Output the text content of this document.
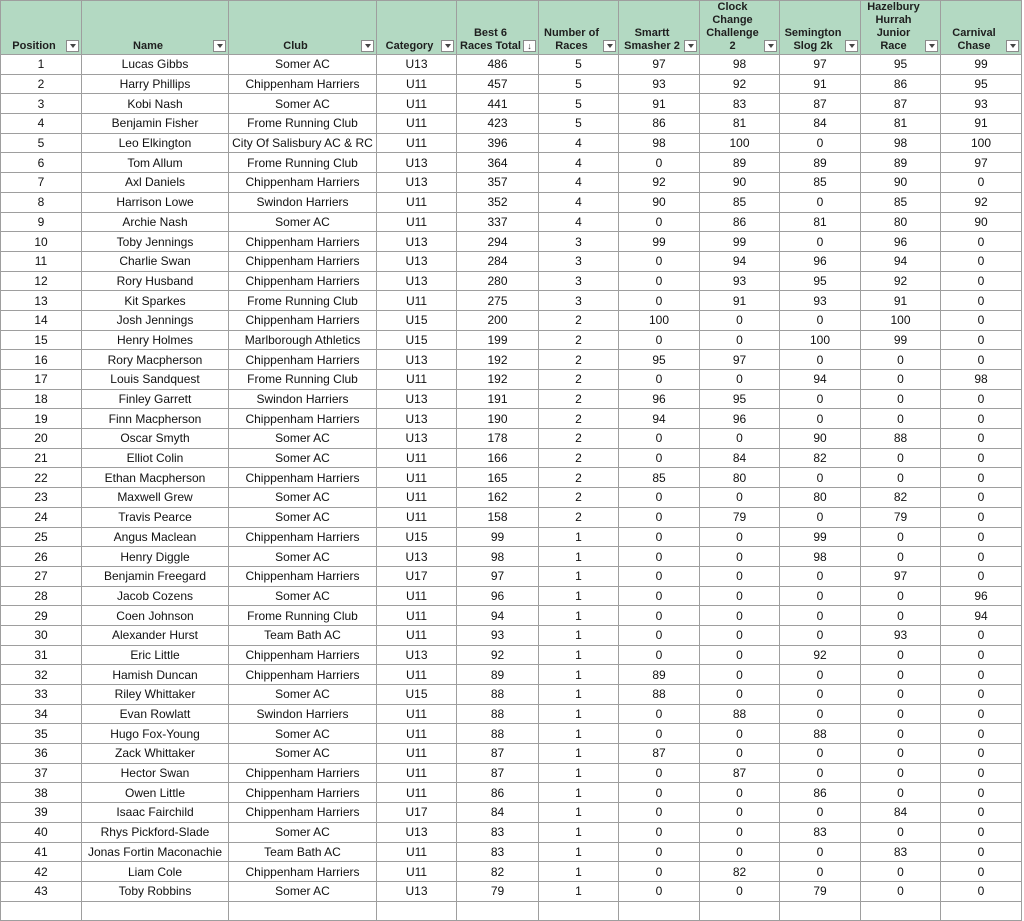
Position	Name	Club	Category	Best 6 Races Total ↓	Number of Races	Smartt Smasher 2	Clock Change Challenge 2	Semington Slog 2k	Hazelbury Hurrah Junior Race	Carnival Chase

1	Lucas Gibbs	Somer AC	U13	486	5	97	98	97	95	99
2	Harry Phillips	Chippenham Harriers	U11	457	5	93	92	91	86	95
3	Kobi Nash	Somer AC	U11	441	5	91	83	87	87	93
4	Benjamin Fisher	Frome Running Club	U11	423	5	86	81	84	81	91
5	Leo Elkington	City Of Salisbury AC & RC	U11	396	4	98	100	0	98	100
6	Tom Allum	Frome Running Club	U13	364	4	0	89	89	89	97
7	Axl Daniels	Chippenham Harriers	U13	357	4	92	90	85	90	0
8	Harrison Lowe	Swindon Harriers	U11	352	4	90	85	0	85	92
9	Archie Nash	Somer AC	U11	337	4	0	86	81	80	90
10	Toby Jennings	Chippenham Harriers	U13	294	3	99	99	0	96	0
11	Charlie Swan	Chippenham Harriers	U13	284	3	0	94	96	94	0
12	Rory Husband	Chippenham Harriers	U13	280	3	0	93	95	92	0
13	Kit Sparkes	Frome Running Club	U11	275	3	0	91	93	91	0
14	Josh Jennings	Chippenham Harriers	U15	200	2	100	0	0	100	0
15	Henry Holmes	Marlborough Athletics	U15	199	2	0	0	100	99	0
16	Rory Macpherson	Chippenham Harriers	U13	192	2	95	97	0	0	0
17	Louis Sandquest	Frome Running Club	U11	192	2	0	0	94	0	98
18	Finley Garrett	Swindon Harriers	U13	191	2	96	95	0	0	0
19	Finn Macpherson	Chippenham Harriers	U13	190	2	94	96	0	0	0
20	Oscar Smyth	Somer AC	U13	178	2	0	0	90	88	0
21	Elliot Colin	Somer AC	U11	166	2	0	84	82	0	0
22	Ethan Macpherson	Chippenham Harriers	U11	165	2	85	80	0	0	0
23	Maxwell Grew	Somer AC	U11	162	2	0	0	80	82	0
24	Travis Pearce	Somer AC	U11	158	2	0	79	0	79	0
25	Angus Maclean	Chippenham Harriers	U15	99	1	0	0	99	0	0
26	Henry Diggle	Somer AC	U13	98	1	0	0	98	0	0
27	Benjamin Freegard	Chippenham Harriers	U17	97	1	0	0	0	97	0
28	Jacob Cozens	Somer AC	U11	96	1	0	0	0	0	96
29	Coen Johnson	Frome Running Club	U11	94	1	0	0	0	0	94
30	Alexander Hurst	Team Bath AC	U11	93	1	0	0	0	93	0
31	Eric Little	Chippenham Harriers	U13	92	1	0	0	92	0	0
32	Hamish Duncan	Chippenham Harriers	U11	89	1	89	0	0	0	0
33	Riley Whittaker	Somer AC	U15	88	1	88	0	0	0	0
34	Evan Rowlatt	Swindon Harriers	U11	88	1	0	88	0	0	0
35	Hugo Fox-Young	Somer AC	U11	88	1	0	0	88	0	0
36	Zack Whittaker	Somer AC	U11	87	1	87	0	0	0	0
37	Hector Swan	Chippenham Harriers	U11	87	1	0	87	0	0	0
38	Owen Little	Chippenham Harriers	U11	86	1	0	0	86	0	0
39	Isaac Fairchild	Chippenham Harriers	U17	84	1	0	0	0	84	0
40	Rhys Pickford-Slade	Somer AC	U13	83	1	0	0	83	0	0
41	Jonas Fortin Maconachie	Team Bath AC	U11	83	1	0	0	0	83	0
42	Liam Cole	Chippenham Harriers	U11	82	1	0	82	0	0	0
43	Toby Robbins	Somer AC	U13	79	1	0	0	79	0	0
